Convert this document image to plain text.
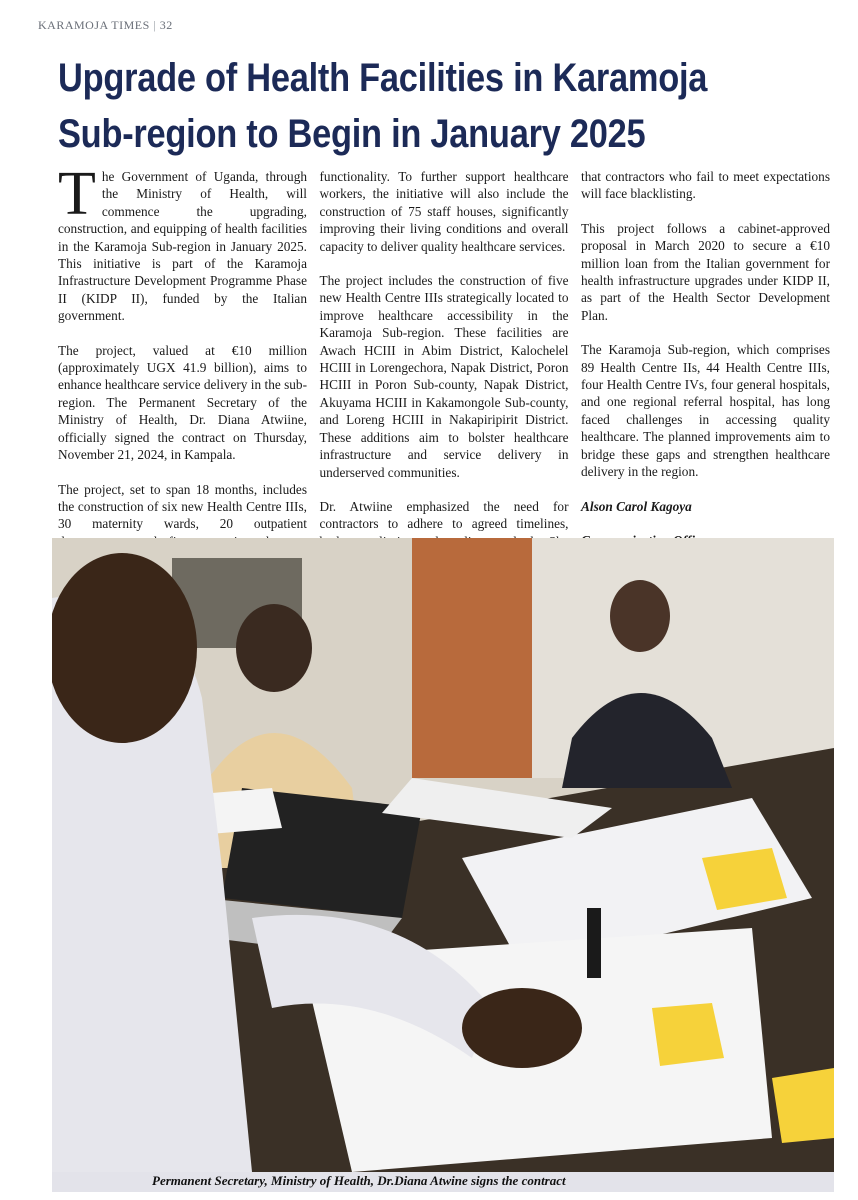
KARAMOJA TIMES | 32
Upgrade of Health Facilities in Karamoja Sub-region to Begin in January 2025

The Government of Uganda, through the Ministry of Health, will commence the upgrading, construction, and equipping of health facilities in the Karamoja Sub-region in January 2025. This initiative is part of the Karamoja Infrastructure Development Programme Phase II (KIDP II), funded by the Italian government.

The project, valued at €10 million (approximately UGX 41.9 billion), aims to enhance healthcare service delivery in the sub-region. The Permanent Secretary of the Ministry of Health, Dr. Diana Atwiine, officially signed the contract on Thursday, November 21, 2024, in Kampala.

The project, set to span 18 months, includes the construction of six new Health Centre IIIs, 30 maternity wards, 20 outpatient

functionality. To further support healthcare workers, the initiative will also include the construction of 75 staff houses, significantly improving their living conditions and overall capacity to deliver quality healthcare services.

The project includes the construction of five new Health Centre IIIs strategically located to improve healthcare accessibility in the Karamoja Sub-region. These facilities are Awach HCIII in Abim District, Kalochelel HCIII in Lorengechora, Napak District, Poron HCIII in Poron Sub-county, Napak District, Akuyama HCIII in Kakamongole Sub-county, and Loreng HCIII in Nakapiripirit District. These additions aim to bolster healthcare infrastructure and service delivery in underserved communities.

Dr. Atwiine emphasized the need for contractors to adhere to agreed timelines,

that contractors who fail to meet expectations will face blacklisting.

This project follows a cabinet-approved proposal in March 2020 to secure a €10 million loan from the Italian government for health infrastructure upgrades under KIDP II, as part of the Health Sector Development Plan.

The Karamoja Sub-region, which comprises 89 Health Centre IIs, 44 Health Centre IIIs, four Health Centre IVs, four general hospitals, and one regional referral hospital, has long faced challenges in accessing quality healthcare. The planned improvements aim to bridge these gaps and strengthen healthcare delivery in the region.

Alson Carol Kagoya

Permanent Secretary, Ministry of Health, Dr.Diana Atwine signs the contract
